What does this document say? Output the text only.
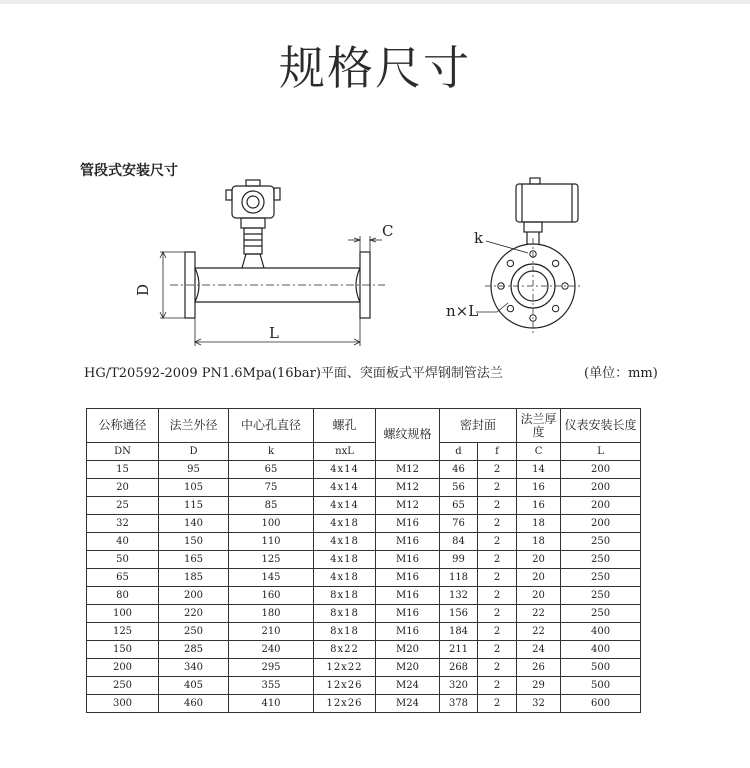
规格尺寸
管段式安装尺寸
D
C
L
k
n×L
HG/T20592-2009 PN1.6Mpa(16bar)平面、突面板式平焊钢制管法兰	(单位：mm)
公称通径	法兰外径	中心孔直径	螺孔	螺纹规格	密封面		法兰厚度	仪表安装长度
DN	D	k	nxL		d	f	C	L
15	95	65	4x14	M12	46	2	14	200
20	105	75	4x14	M12	56	2	16	200
25	115	85	4x14	M12	65	2	16	200
32	140	100	4x18	M16	76	2	18	200
40	150	110	4x18	M16	84	2	18	250
50	165	125	4x18	M16	99	2	20	250
65	185	145	4x18	M16	118	2	20	250
80	200	160	8x18	M16	132	2	20	250
100	220	180	8x18	M16	156	2	22	250
125	250	210	8x18	M16	184	2	22	400
150	285	240	8x22	M20	211	2	24	400
200	340	295	12x22	M20	268	2	26	500
250	405	355	12x26	M24	320	2	29	500
300	460	410	12x26	M24	378	2	32	600
